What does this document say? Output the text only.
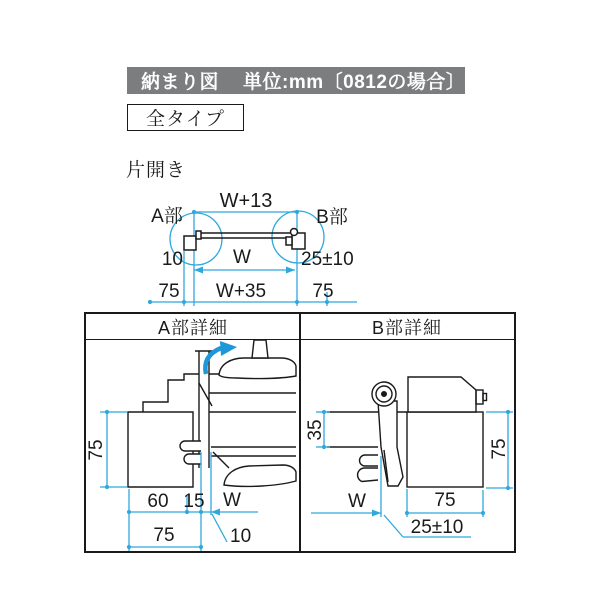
納まり図 単位:mm〔0812の場合〕
全タイプ
片開き
W+13
A部	B部
10	W	25±10
75 W+35 75
A部詳細	B部詳細
75
60 15 W
75	10
35
75
W	75
25±10
